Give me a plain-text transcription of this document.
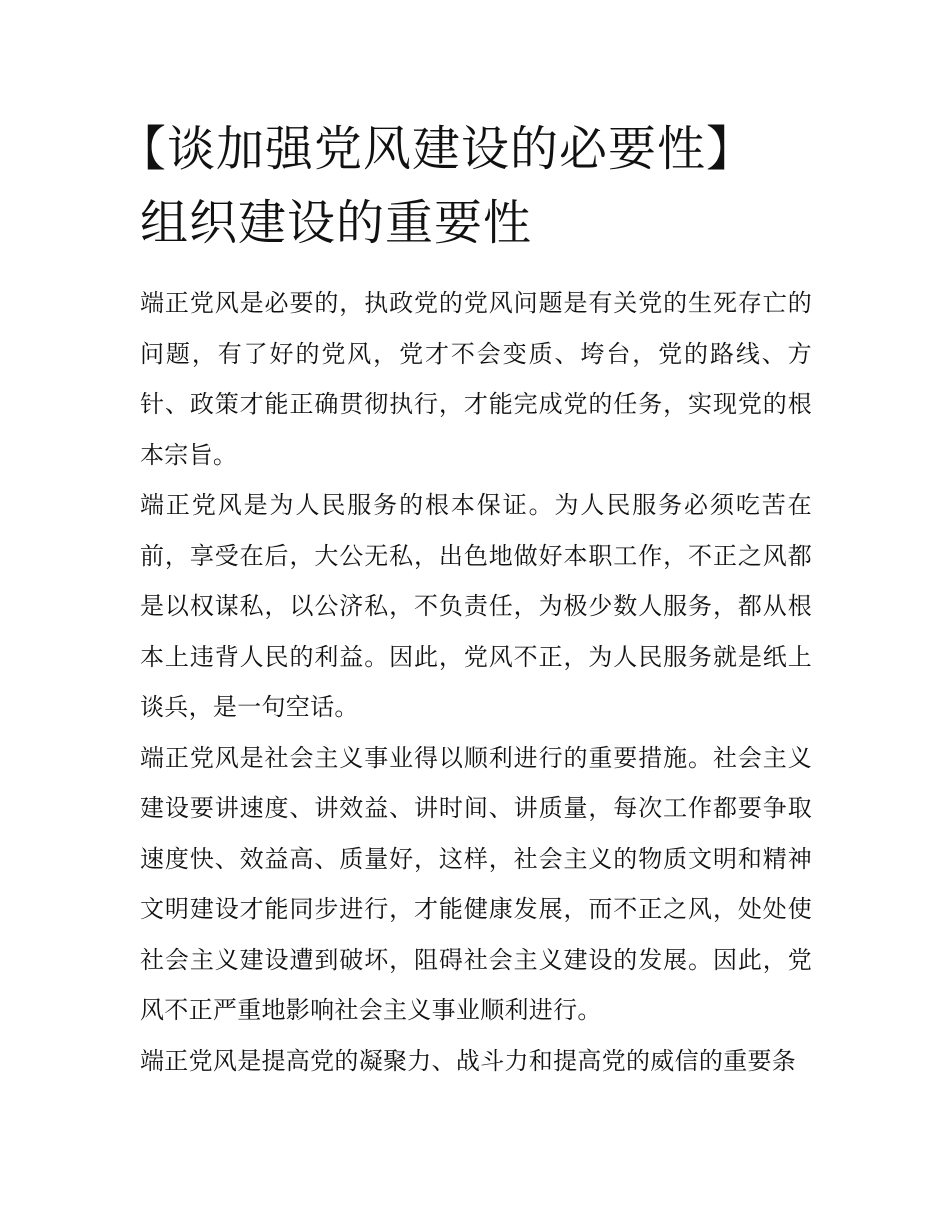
【谈加强党风建设的必要性】
组织建设的重要性

端正党风是必要的，执政党的党风问题是有关党的生死存亡的问题，有了好的党风，党才不会变质、垮台，党的路线、方针、政策才能正确贯彻执行，才能完成党的任务，实现党的根本宗旨。

端正党风是为人民服务的根本保证。为人民服务必须吃苦在前，享受在后，大公无私，出色地做好本职工作，不正之风都是以权谋私，以公济私，不负责任，为极少数人服务，都从根本上违背人民的利益。因此，党风不正，为人民服务就是纸上谈兵，是一句空话。

端正党风是社会主义事业得以顺利进行的重要措施。社会主义建设要讲速度、讲效益、讲时间、讲质量，每次工作都要争取速度快、效益高、质量好，这样，社会主义的物质文明和精神文明建设才能同步进行，才能健康发展，而不正之风，处处使社会主义建设遭到破坏，阻碍社会主义建设的发展。因此，党风不正严重地影响社会主义事业顺利进行。

端正党风是提高党的凝聚力、战斗力和提高党的威信的重要条
